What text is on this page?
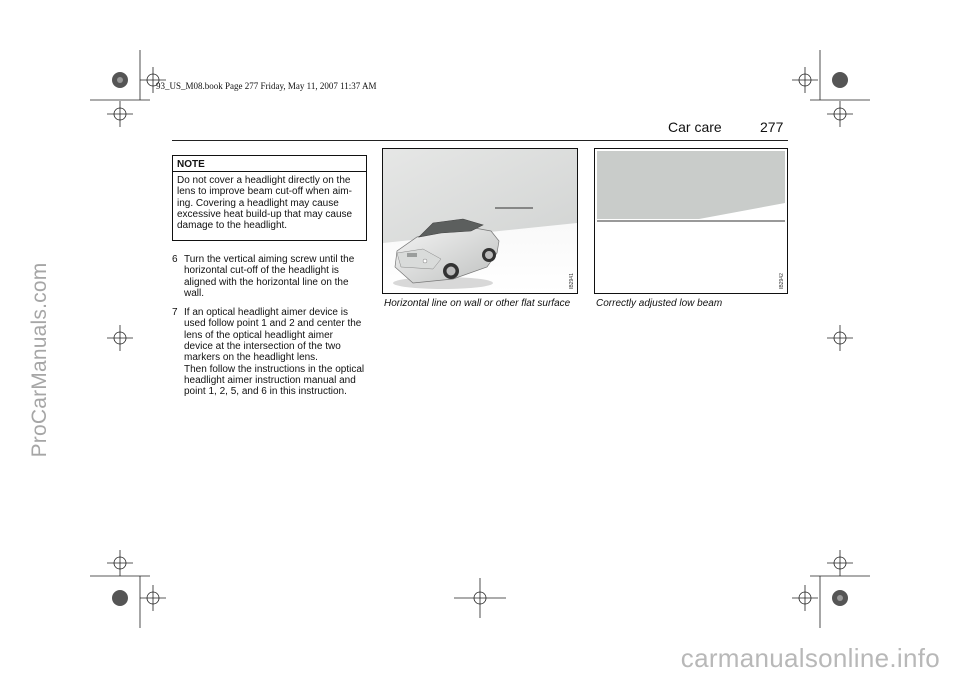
ProCarManuals.com
carmanualsonline.info
93_US_M08.book Page 277 Friday, May 11, 2007 11:37 AM
Car care	277
NOTE
Do not cover a headlight directly on the
lens to improve beam cut-off when aim-
ing. Covering a headlight may cause
excessive heat build-up that may cause
damage to the headlight.
6 Turn the vertical aiming screw until the
horizontal cut-off of the headlight is
aligned with the horizontal line on the
wall.
7 If an optical headlight aimer device is
used follow point 1 and 2 and center the
lens of the optical headlight aimer
device at the intersection of the two
markers on the headlight lens.
Then follow the instructions in the optical
headlight aimer instruction manual and
point 1, 2, 5, and 6 in this instruction.
IB2941
Horizontal line on wall or other flat surface
IB2942
Correctly adjusted low beam
